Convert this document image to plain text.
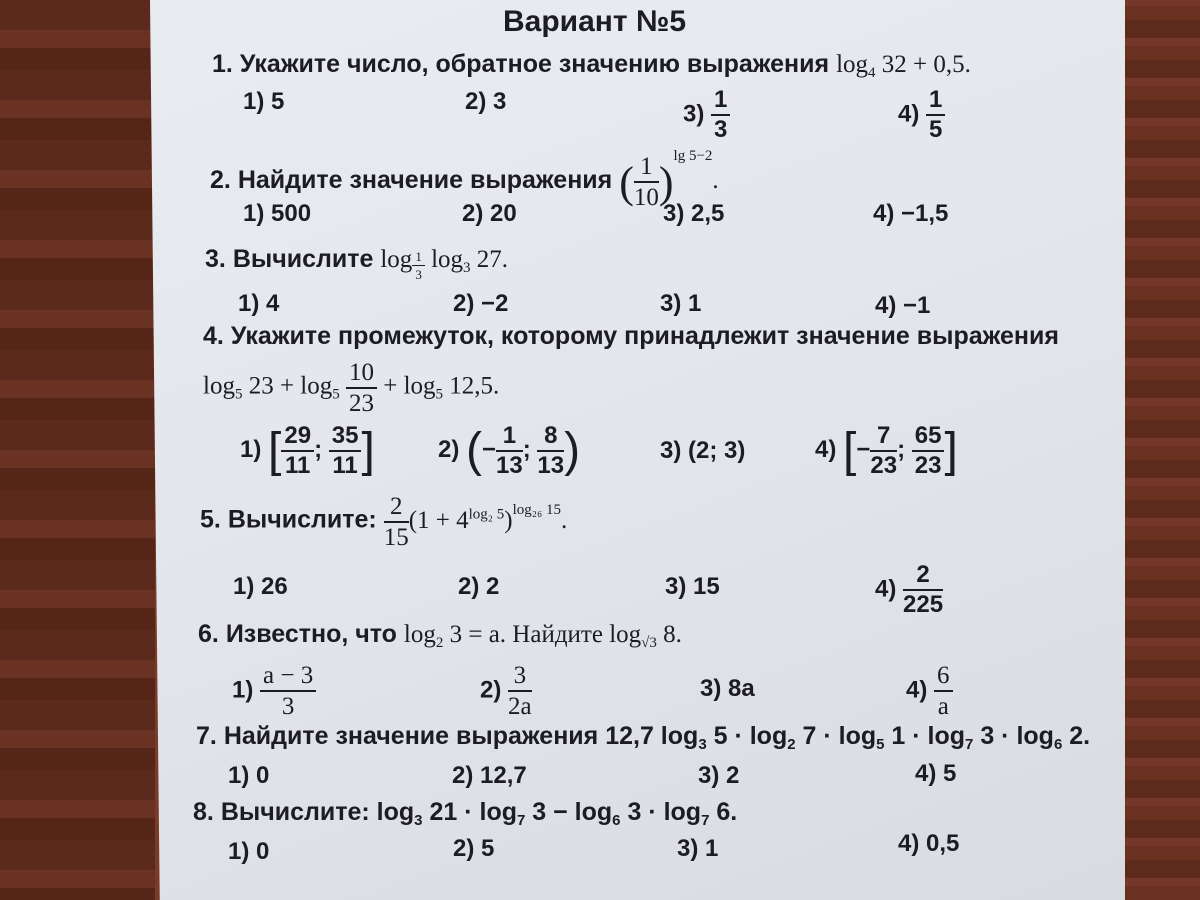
Вариант №5
1. Укажите число, обратное значению выражения $\log_4 32 + 0,5$.
1) 5	2) 3	$3) \frac{1}{3}$	$4) \frac{1}{5}$
2. Найдите значение выражения ( $\frac{1}{10} )^{lg 5-2}$.
1) 500	2) 20	3) 2,5	4) −1,5
3. Вычислите $\log \frac{1}{3} \log_3 27$.
1) 4	2) −2	3) 1	4) −1
4. Укажите промежуток, которому принадлежит значение выражения
$\log_5 23 + \log_5 \frac{10}{23} + \log_5 12,5$.
1) [ $\frac{29}{11}$ ; $\frac{35}{11}$ ]	2) (− $\frac{1}{13}$ ; $\frac{8}{13}$ )	3) (2; 3)	4) [− $\frac{7}{23}$ ; $\frac{65}{23}$ ]
5. Вычислите: $\frac{2}{15} (1 + 4^{log_2 5})^{log_{26} 15}$.
1) 26	2) 2	3) 15	$4) \frac{2}{225}$
6. Известно, что $\log_2 3 = a$. Найдите $\log_{√3} 8$.
$1) \frac{a - 3}{3}$	$2) \frac{3}{2a}$	3) 8a	$4) \frac{6}{a}$
7. Найдите значение выражения 12,7 $\log_3 5 \cdot \log_2 7 \cdot \log_5 1 \cdot \log_7 3 \cdot \log_6 2$.
1) 0	2) 12,7	3) 2	4) 5
8. Вычислите: $\log_3 21 \cdot \log_7 3 - \log_6 3 \cdot \log_7 6$.
1) 0	2) 5	3) 1	4) 0,5
